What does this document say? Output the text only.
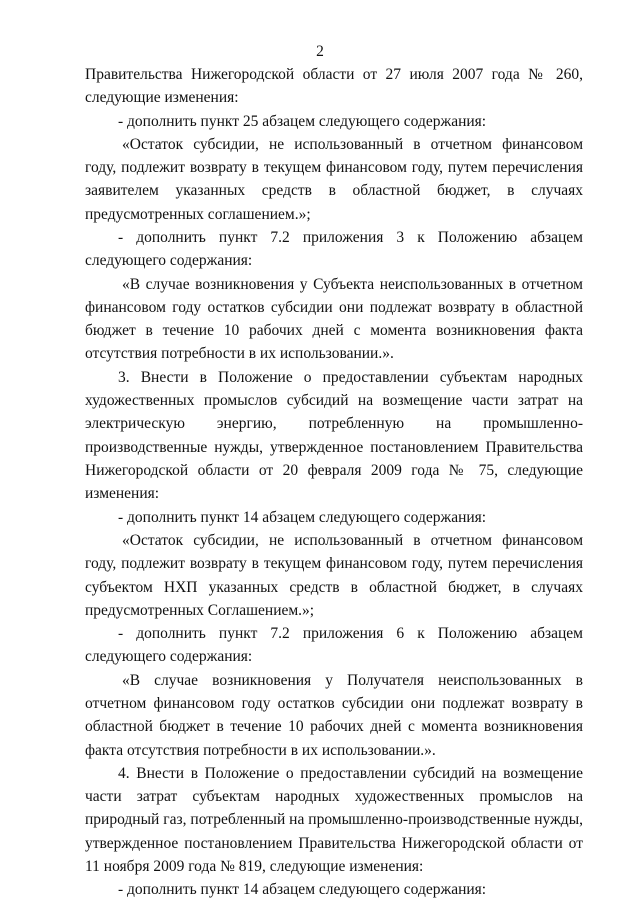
2
Правительства Нижегородской области от 27 июля 2007 года № 260,
следующие изменения:
- дополнить пункт 25 абзацем следующего содержания:
«Остаток субсидии, не использованный в отчетном финансовом
году, подлежит возврату в текущем финансовом году, путем перечисления
заявителем указанных средств в областной бюджет, в случаях
предусмотренных соглашением.»;
- дополнить пункт 7.2 приложения 3 к Положению абзацем
следующего содержания:
«В случае возникновения у Субъекта неиспользованных в отчетном
финансовом году остатков субсидии они подлежат возврату в областной
бюджет в течение 10 рабочих дней с момента возникновения факта
отсутствия потребности в их использовании.».
3. Внести в Положение о предоставлении субъектам народных
художественных промыслов субсидий на возмещение части затрат на
электрическую энергию, потребленную на промышленно-
производственные нужды, утвержденное постановлением Правительства
Нижегородской области от 20 февраля 2009 года № 75, следующие
изменения:
- дополнить пункт 14 абзацем следующего содержания:
«Остаток субсидии, не использованный в отчетном финансовом
году, подлежит возврату в текущем финансовом году, путем перечисления
субъектом НХП указанных средств в областной бюджет, в случаях
предусмотренных Соглашением.»;
- дополнить пункт 7.2 приложения 6 к Положению абзацем
следующего содержания:
«В случае возникновения у Получателя неиспользованных в
отчетном финансовом году остатков субсидии они подлежат возврату в
областной бюджет в течение 10 рабочих дней с момента возникновения
факта отсутствия потребности в их использовании.».
4. Внести в Положение о предоставлении субсидий на возмещение
части затрат субъектам народных художественных промыслов на
природный газ, потребленный на промышленно-производственные нужды,
утвержденное постановлением Правительства Нижегородской области от
11 ноября 2009 года № 819, следующие изменения:
- дополнить пункт 14 абзацем следующего содержания:
